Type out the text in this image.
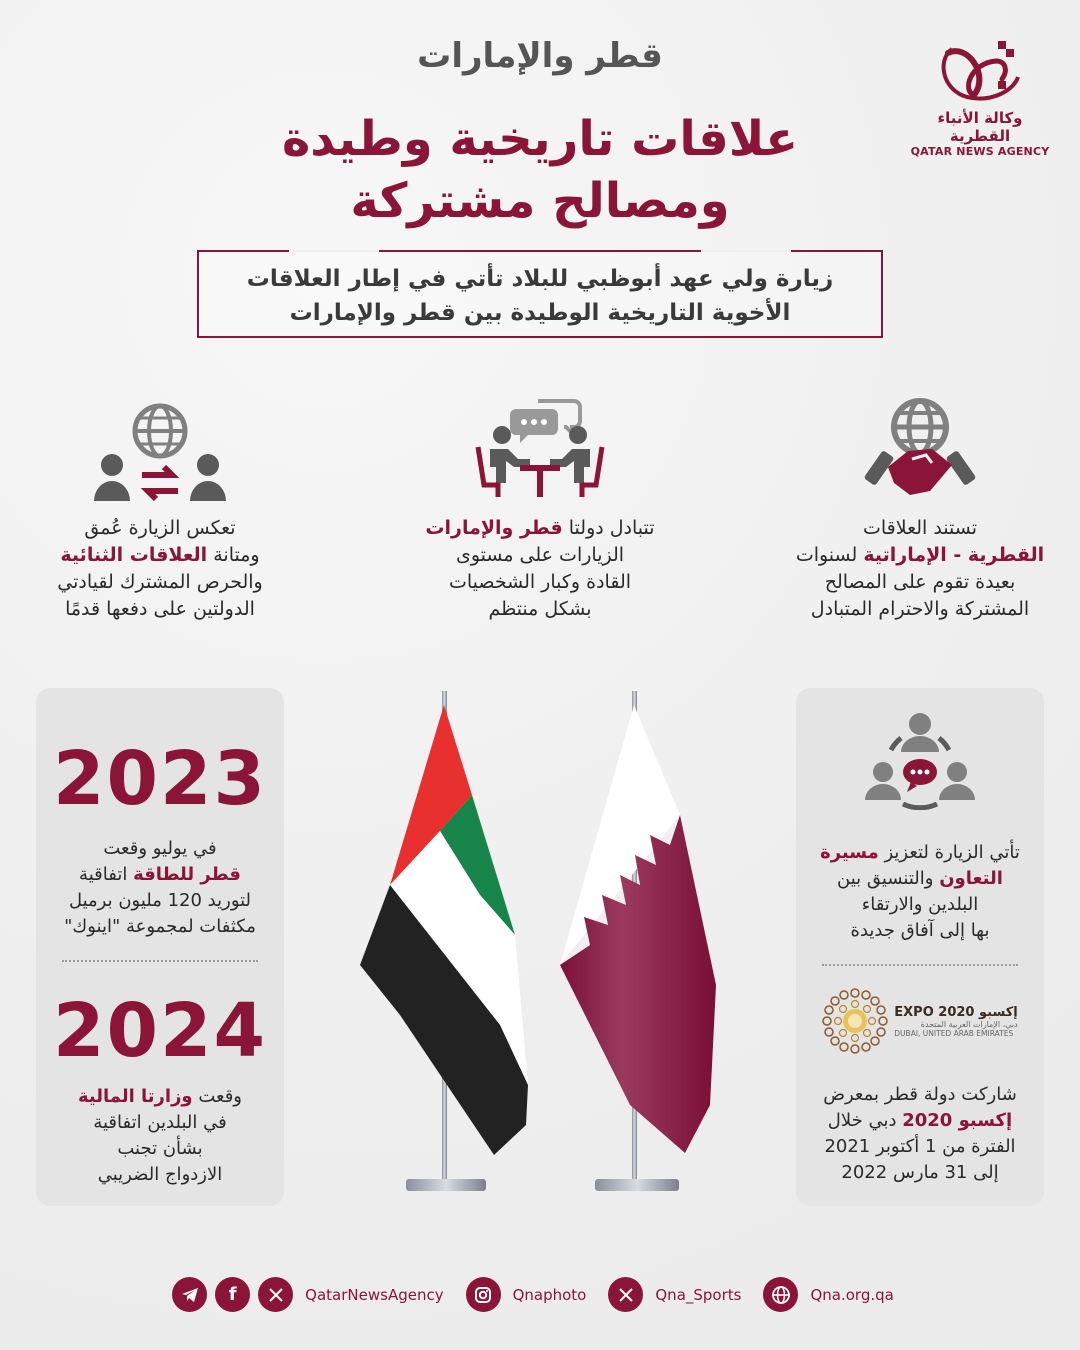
قطر والإمارات
علاقات تاريخية وطيدة
ومصالح مشتركة
وكالة الأنباء القطرية
QATAR NEWS AGENCY
زيارة ولي عهد أبوظبي للبلاد تأتي في إطار العلاقات
الأخوية التاريخية الوطيدة بين قطر والإمارات
تستند العلاقات
القطرية - الإماراتية لسنوات
بعيدة تقوم على المصالح
المشتركة والاحترام المتبادل
تتبادل دولتا قطر والإمارات
الزيارات على مستوى
القادة وكبار الشخصيات
بشكل منتظم
تعكس الزيارة عُمق
ومتانة العلاقات الثنائية
والحرص المشترك لقيادتي
الدولتين على دفعها قدمًا
2023
في يوليو وقعت
قطر للطاقة اتفاقية
لتوريد 120 مليون برميل
مكثفات لمجموعة "اينوك"
2024
وقعت وزارتا المالية
في البلدين اتفاقية
بشأن تجنب
الازدواج الضريبي
تأتي الزيارة لتعزيز مسيرة
التعاون والتنسيق بين
البلدين والارتقاء
بها إلى آفاق جديدة
EXPO 2020 إكسبو
دبي، الإمارات العربية المتحدة
DUBAI, UNITED ARAB EMIRATES
شاركت دولة قطر بمعرض
إكسبو 2020 دبي خلال
الفترة من 1 أكتوبر 2021
إلى 31 مارس 2022
f	QatarNewsAgency	Qnaphoto	Qna_Sports	Qna.org.qa
